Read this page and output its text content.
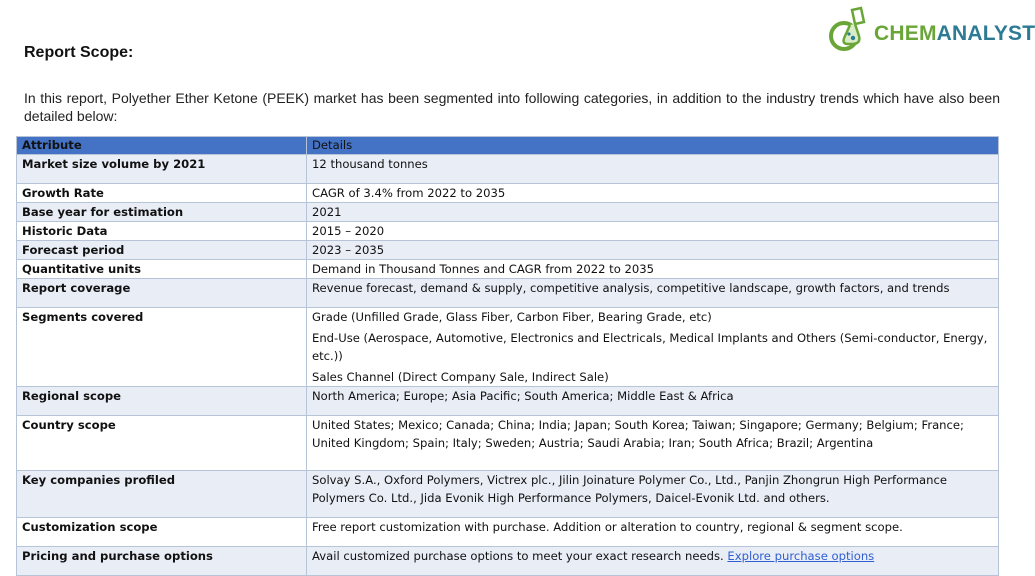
Report Scope:
CHEMANALYST
In this report, Polyether Ether Ketone (PEEK) market has been segmented into following categories, in addition to the industry trends which have also been detailed below:
Attribute	Details
Market size volume by 2021	12 thousand tonnes
Growth Rate	CAGR of 3.4% from 2022 to 2035
Base year for estimation	2021
Historic Data	2015 – 2020
Forecast period	2023 – 2035
Quantitative units	Demand in Thousand Tonnes and CAGR from 2022 to 2035
Report coverage	Revenue forecast, demand & supply, competitive analysis, competitive landscape, growth factors, and trends
Segments covered	Grade (Unfilled Grade, Glass Fiber, Carbon Fiber, Bearing Grade, etc)
End-Use (Aerospace, Automotive, Electronics and Electricals, Medical Implants and Others (Semi-conductor, Energy, etc.))
Sales Channel (Direct Company Sale, Indirect Sale)

Regional scope	North America; Europe; Asia Pacific; South America; Middle East & Africa
Country scope	United States; Mexico; Canada; China; India; Japan; South Korea; Taiwan; Singapore; Germany; Belgium; France; United Kingdom; Spain; Italy; Sweden; Austria; Saudi Arabia; Iran; South Africa; Brazil; Argentina
Key companies profiled	Solvay S.A., Oxford Polymers, Victrex plc., Jilin Joinature Polymer Co., Ltd., Panjin Zhongrun High Performance Polymers Co. Ltd., Jida Evonik High Performance Polymers, Daicel-Evonik Ltd. and others.
Customization scope	Free report customization with purchase. Addition or alteration to country, regional & segment scope.
Pricing and purchase options	Avail customized purchase options to meet your exact research needs. Explore purchase options
